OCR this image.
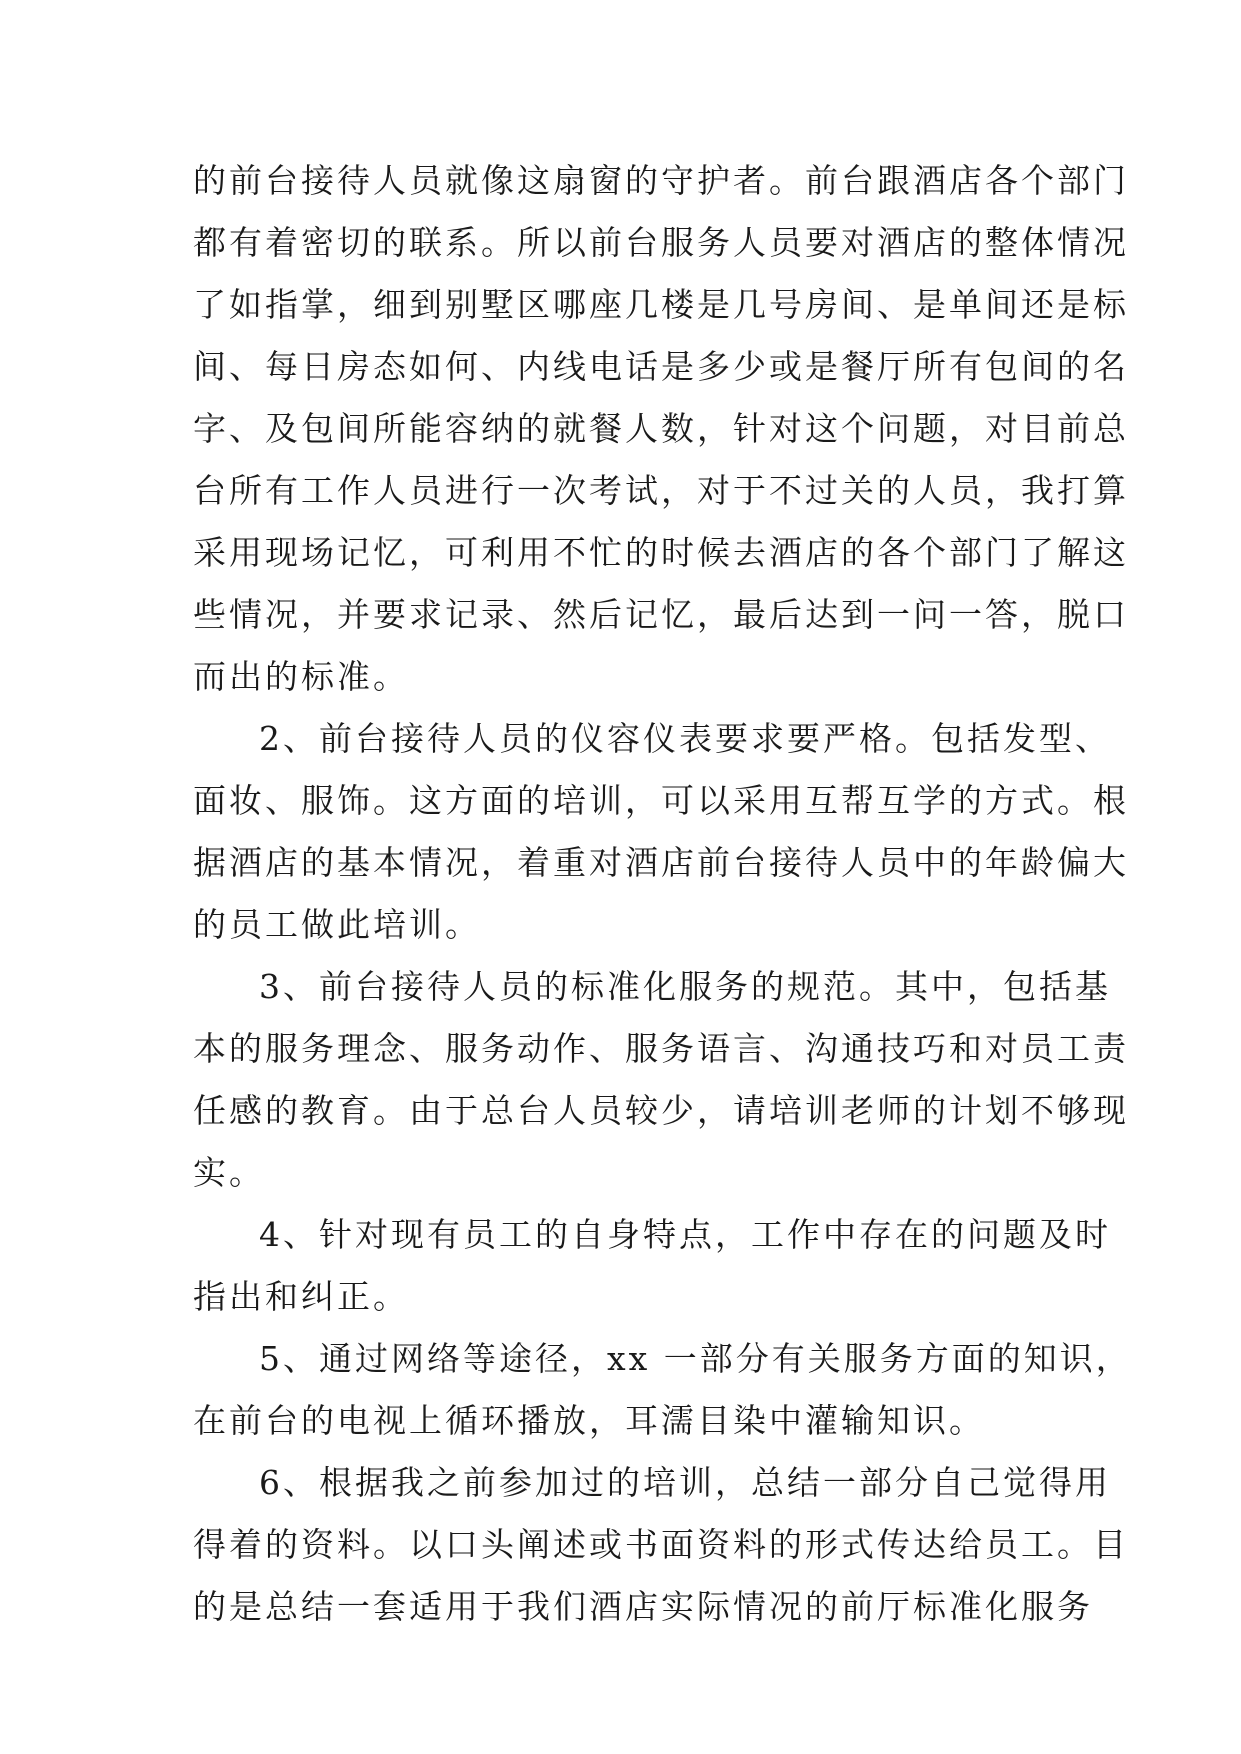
的前台接待人员就像这扇窗的守护者。前台跟酒店各个部门
都有着密切的联系。所以前台服务人员要对酒店的整体情况
了如指掌，细到别墅区哪座几楼是几号房间、是单间还是标
间、每日房态如何、内线电话是多少或是餐厅所有包间的名
字、及包间所能容纳的就餐人数，针对这个问题，对目前总
台所有工作人员进行一次考试，对于不过关的人员，我打算
采用现场记忆，可利用不忙的时候去酒店的各个部门了解这
些情况，并要求记录、然后记忆，最后达到一问一答，脱口
而出的标准。
2、前台接待人员的仪容仪表要求要严格。包括发型、
面妆、服饰。这方面的培训，可以采用互帮互学的方式。根
据酒店的基本情况，着重对酒店前台接待人员中的年龄偏大
的员工做此培训。
3、前台接待人员的标准化服务的规范。其中，包括基
本的服务理念、服务动作、服务语言、沟通技巧和对员工责
任感的教育。由于总台人员较少，请培训老师的计划不够现
实。
4、针对现有员工的自身特点，工作中存在的问题及时
指出和纠正。
5、通过网络等途径，xx 一部分有关服务方面的知识，
在前台的电视上循环播放，耳濡目染中灌输知识。
6、根据我之前参加过的培训，总结一部分自己觉得用
得着的资料。以口头阐述或书面资料的形式传达给员工。目
的是总结一套适用于我们酒店实际情况的前厅标准化服务
